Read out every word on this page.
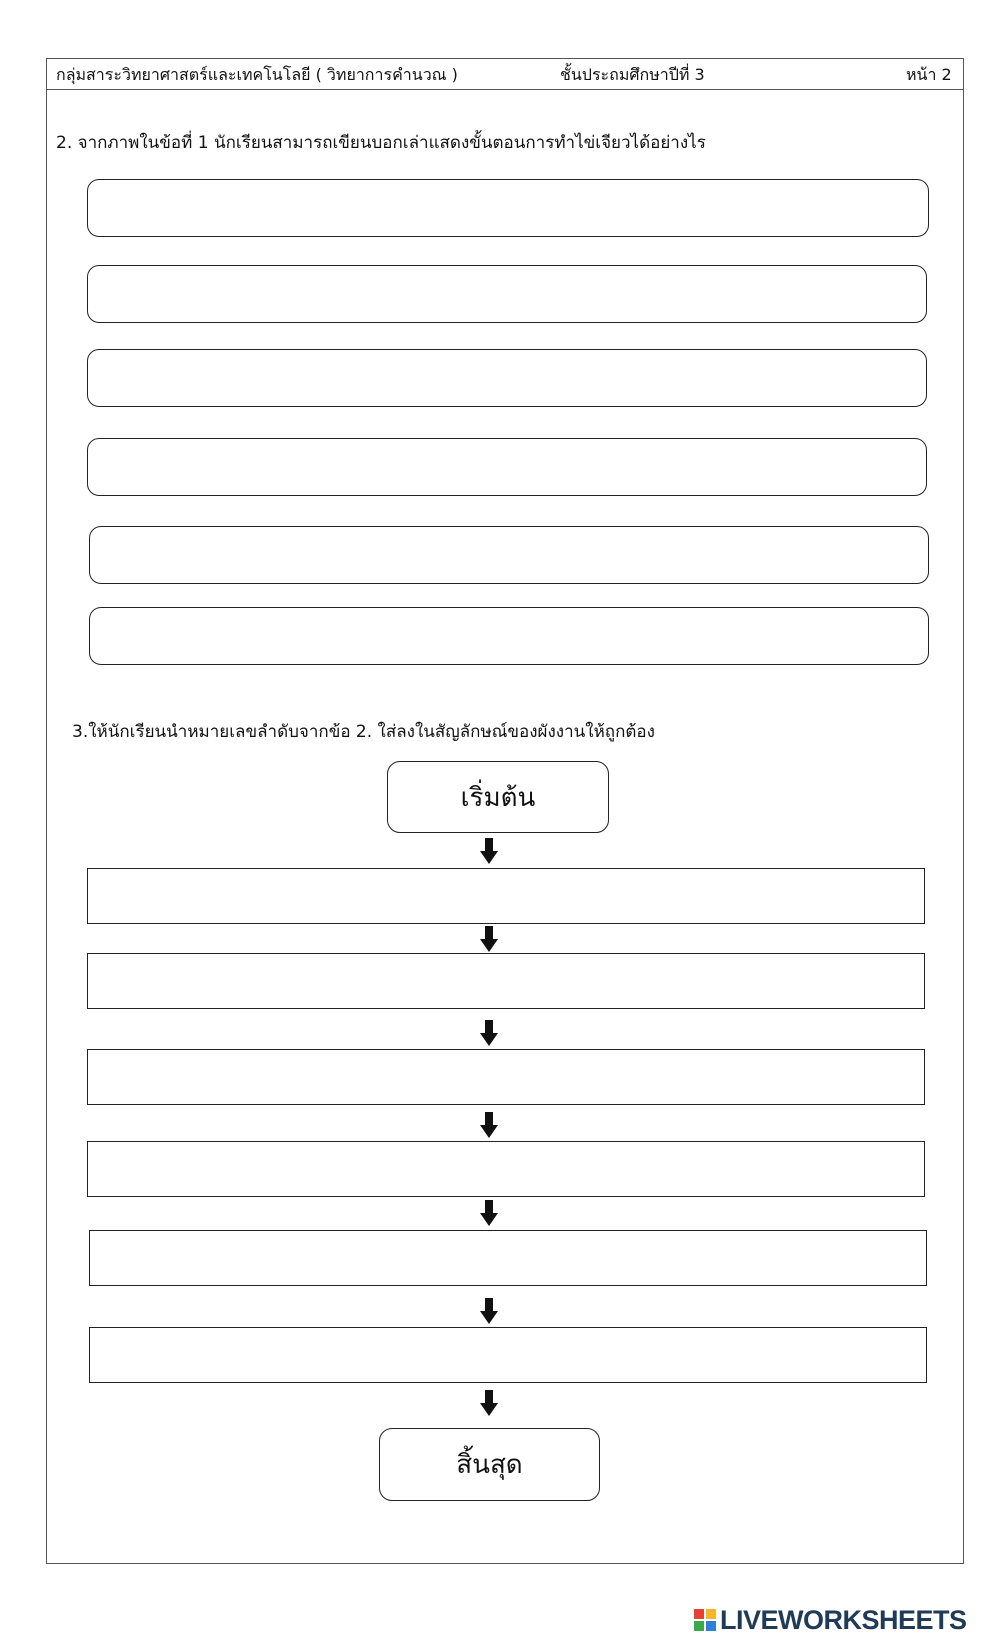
กลุ่มสาระวิทยาศาสตร์และเทคโนโลยี ( วิทยาการคำนวณ )	ชั้นประถมศึกษาปีที่ 3	หน้า 2
2. จากภาพในข้อที่ 1 นักเรียนสามารถเขียนบอกเล่าแสดงขั้นตอนการทำไข่เจียวได้อย่างไร
3.ให้นักเรียนนำหมายเลขลำดับจากข้อ 2. ใส่ลงในสัญลักษณ์ของผังงานให้ถูกต้อง
เริ่มต้น
สิ้นสุด
LIVEWORKSHEETS
